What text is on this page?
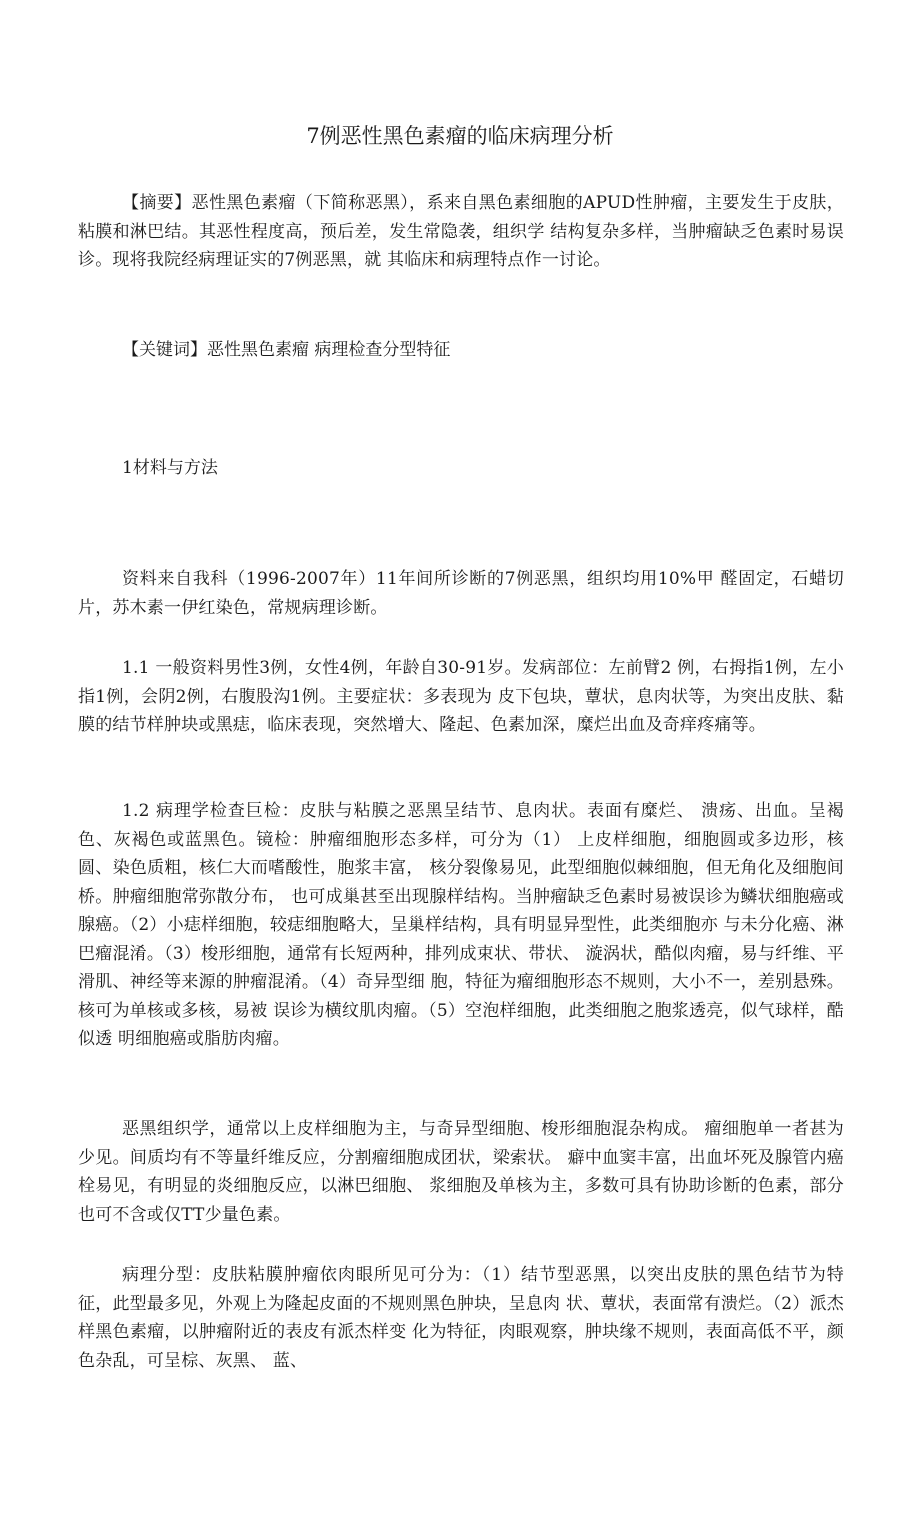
7例恶性黑色素瘤的临床病理分析

【摘要】恶性黑色素瘤（下简称恶黑），系来自黑色素细胞的APUD性肿瘤，主要发生于皮肤，粘膜和淋巴结。其恶性程度高，预后差，发生常隐袭，组织学 结构复杂多样，当肿瘤缺乏色素时易误诊。现将我院经病理证实的7例恶黑，就 其临床和病理特点作一讨论。

【关键词】恶性黑色素瘤 病理检查分型特征

1材料与方法

资料来自我科（1996-2007年）11年间所诊断的7例恶黑，组织均用10%甲 醛固定，石蜡切片，苏木素一伊红染色，常规病理诊断。

1.1 一般资料男性3例，女性4例，年龄自30-91岁。发病部位：左前臂2 例，右拇指1例，左小指1例，会阴2例，右腹股沟1例。主要症状：多表现为 皮下包块，蕈状，息肉状等，为突出皮肤、黏膜的结节样肿块或黑痣，临床表现，突然增大、隆起、色素加深，糜烂出血及奇痒疼痛等。

1.2 病理学检查巨检：皮肤与粘膜之恶黑呈结节、息肉状。表面有糜烂、 溃疡、出血。呈褐色、灰褐色或蓝黑色。镜检：肿瘤细胞形态多样，可分为（1） 上皮样细胞，细胞圆或多边形，核圆、染色质粗，核仁大而嗜酸性，胞浆丰富， 核分裂像易见，此型细胞似棘细胞，但无角化及细胞间桥。肿瘤细胞常弥散分布， 也可成巢甚至出现腺样结构。当肿瘤缺乏色素时易被误诊为鳞状细胞癌或腺癌。（2）小痣样细胞，较痣细胞略大，呈巢样结构，具有明显异型性，此类细胞亦 与未分化癌、淋巴瘤混淆。（3）梭形细胞，通常有长短两种，排列成束状、带状、 漩涡状，酷似肉瘤，易与纤维、平滑肌、神经等来源的肿瘤混淆。（4）奇异型细 胞，特征为瘤细胞形态不规则，大小不一，差别悬殊。核可为单核或多核，易被 误诊为横纹肌肉瘤。（5）空泡样细胞，此类细胞之胞浆透亮，似气球样，酷似透 明细胞癌或脂肪肉瘤。

恶黑组织学，通常以上皮样细胞为主，与奇异型细胞、梭形细胞混杂构成。 瘤细胞单一者甚为少见。间质均有不等量纤维反应，分割瘤细胞成团状，梁索状。 癖中血窦丰富，出血坏死及腺管内癌栓易见，有明显的炎细胞反应，以淋巴细胞、 浆细胞及单核为主，多数可具有协助诊断的色素，部分也可不含或仅TT少量色素。

病理分型：皮肤粘膜肿瘤依肉眼所见可分为：（1）结节型恶黑，以突出皮肤的黑色结节为特征，此型最多见，外观上为隆起皮面的不规则黑色肿块，呈息肉 状、蕈状，表面常有溃烂。（2）派杰样黑色素瘤，以肿瘤附近的表皮有派杰样变 化为特征，肉眼观察，肿块缘不规则，表面高低不平，颜色杂乱，可呈棕、灰黑、 蓝、
